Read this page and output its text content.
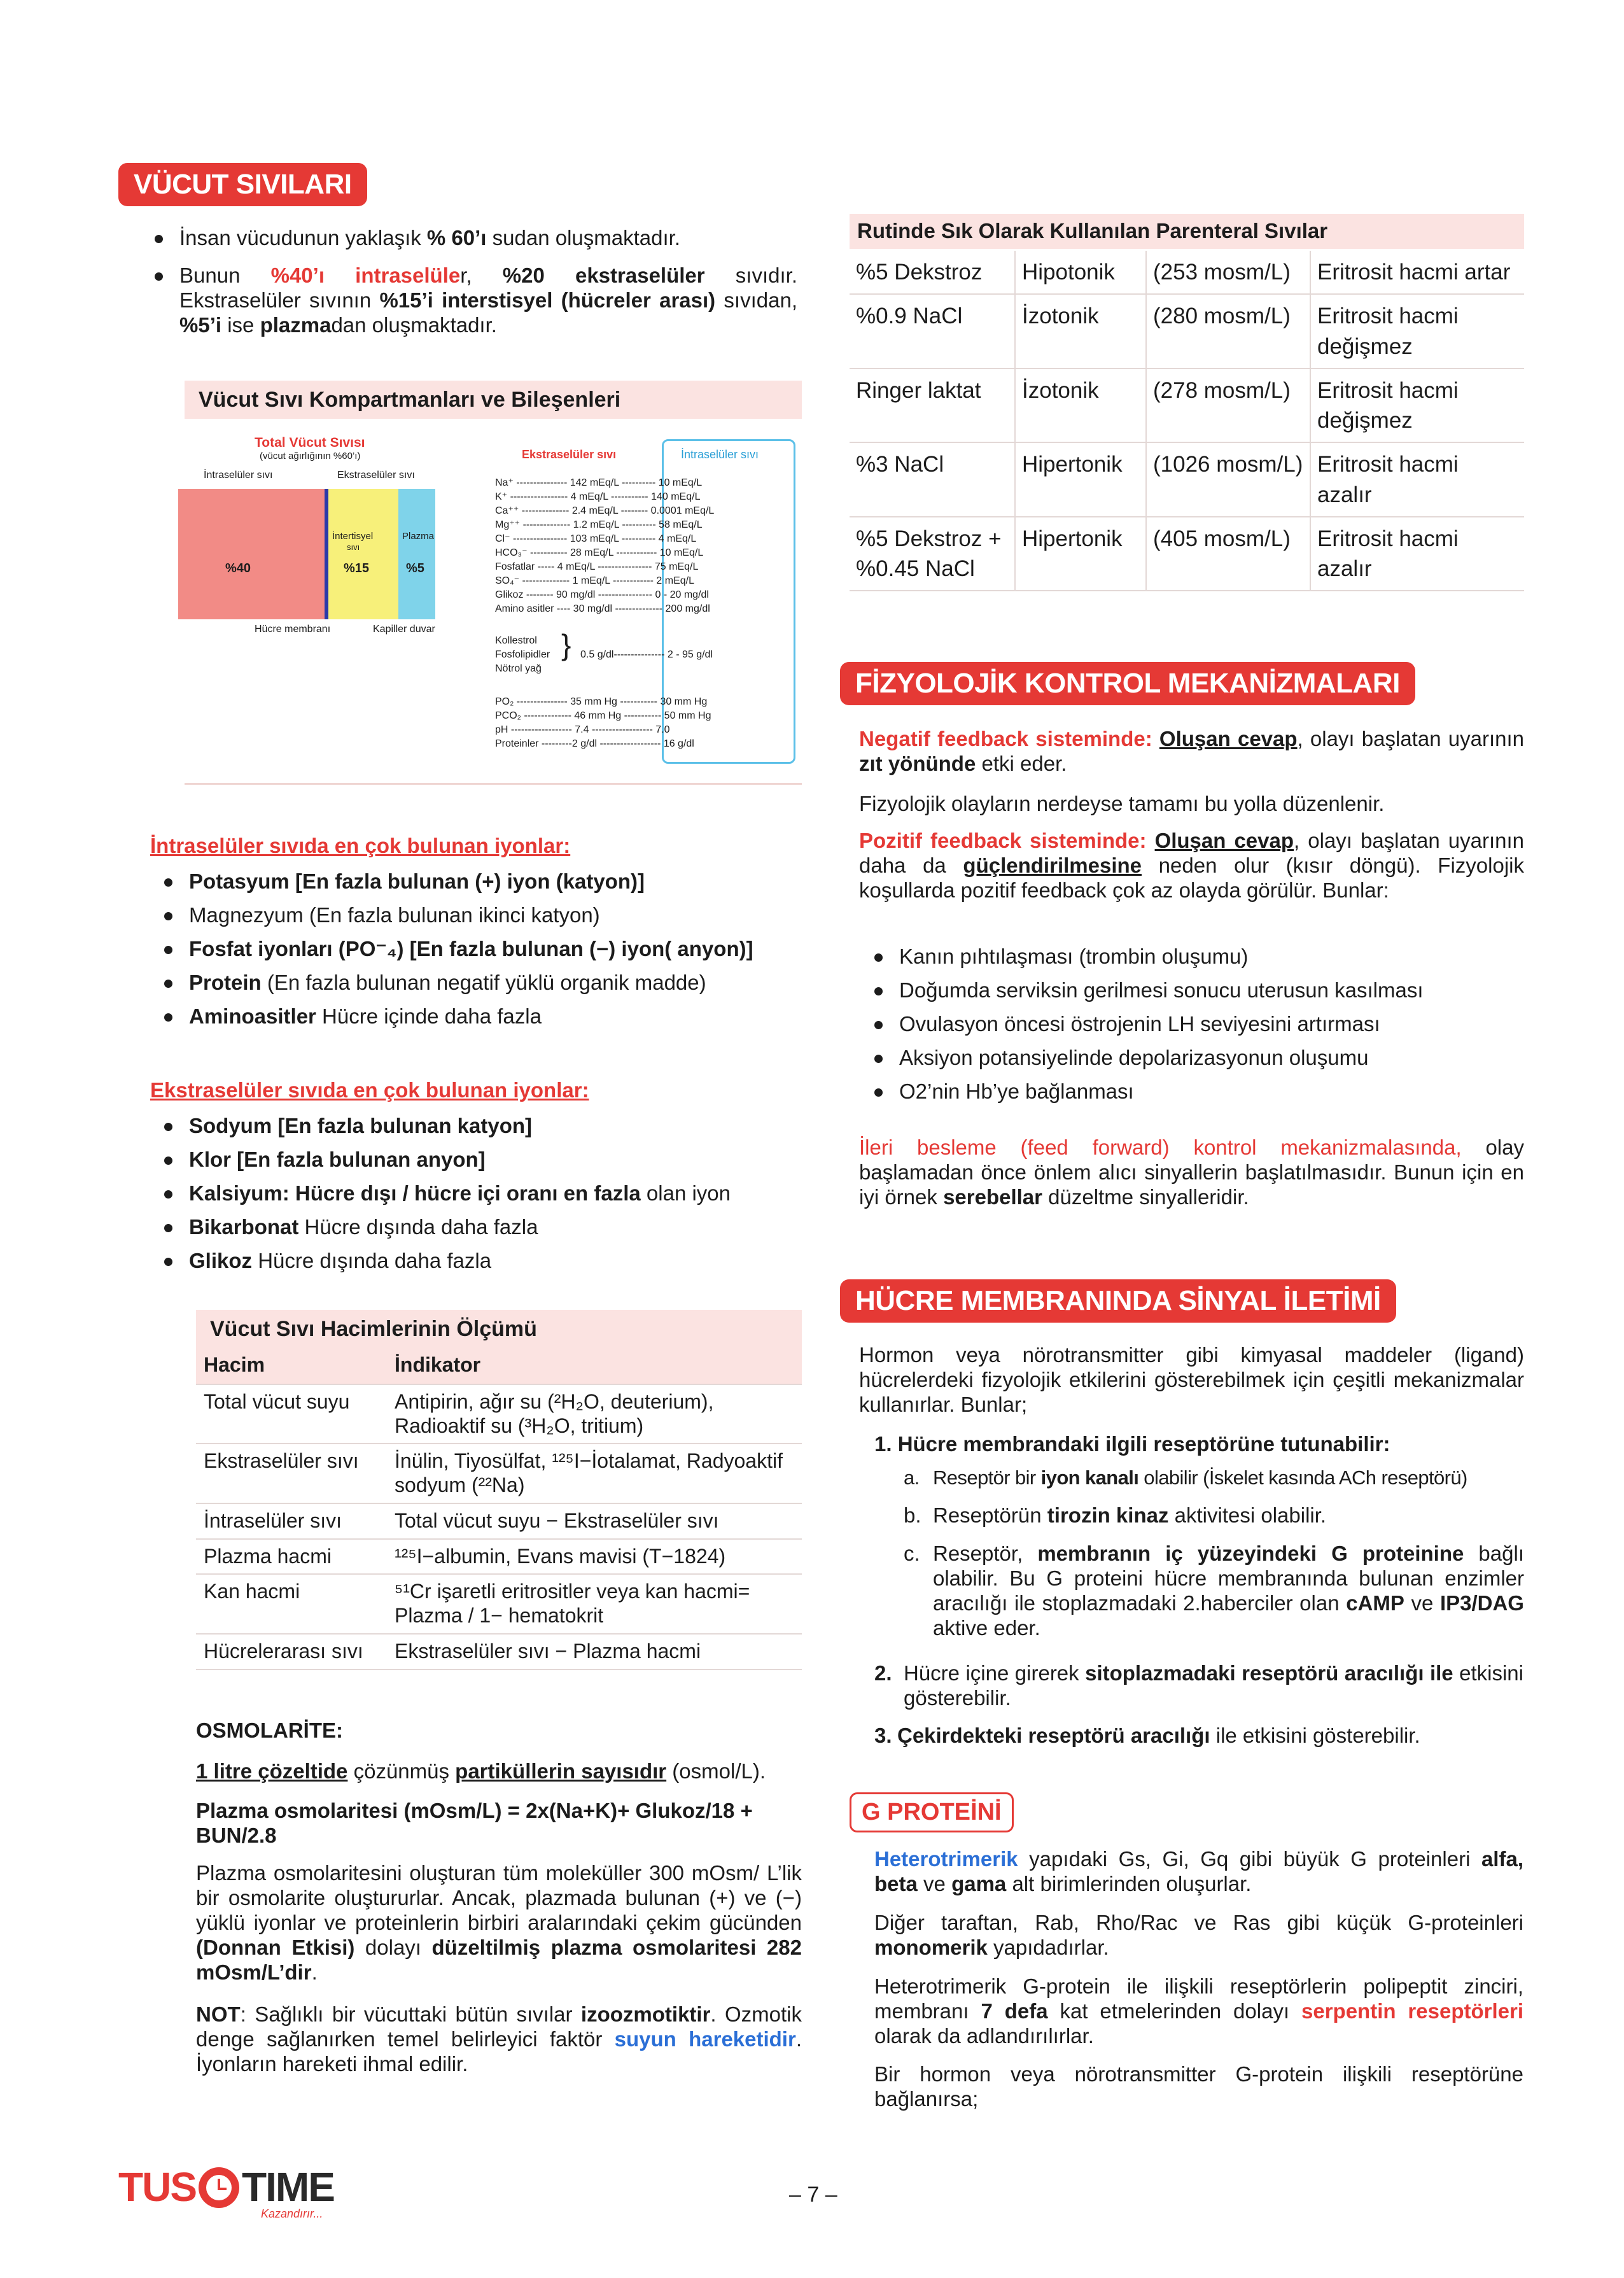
VÜCUT SIVILARI
İnsan vücudunun yaklaşık % 60’ı sudan oluşmaktadır.
Bunun %40’ı intraselüler, %20 ekstraselüler sıvıdır. Ekstraselüler sıvının %15’i interstisyel (hücreler arası) sıvıdan, %5’i ise plazmadan oluşmaktadır.
Vücut Sıvı Kompartmanları ve Bileşenleri
Total Vücut Sıvısı
(vücut ağırlığının %60’ı)
İntraselüler sıvı	Ekstraselüler sıvı
%40
İntertisyel
sıvı
Plazma
%15	%5
Hücre membranı	Kapiller duvar
Ekstraselüler sıvı	İntraselüler sıvı
Na⁺ --------------- 142 mEq/L ---------- 10 mEq/L
K⁺ ----------------- 4 mEq/L ----------- 140 mEq/L
Ca⁺⁺ -------------- 2.4 mEq/L -------- 0.0001 mEq/L
Mg⁺⁺ -------------- 1.2 mEq/L ---------- 58 mEq/L
Cl⁻ ---------------- 103 mEq/L ---------- 4 mEq/L
HCO₃⁻ ----------- 28 mEq/L ------------ 10 mEq/L
Fosfatlar ----- 4 mEq/L ---------------- 75 mEq/L
SO₄⁻ -------------- 1 mEq/L ------------ 2 mEq/L
Glikoz -------- 90 mg/dl ---------------- 0 - 20 mg/dl
Amino asitler ---- 30 mg/dl -------------- 200 mg/dl
Kollestrol
Fosfolipidler
Nötrol yağ
} 0.5 g/dl--------------- 2 - 95 g/dl
PO₂ --------------- 35 mm Hg ----------- 30 mm Hg
PCO₂ -------------- 46 mm Hg ----------- 50 mm Hg
pH ------------------ 7.4 ------------------ 7.0
Proteinler ---------2 g/dl ------------------ 16 g/dl
İntraselüler sıvıda en çok bulunan iyonlar:
Potasyum [En fazla bulunan (+) iyon (katyon)]
Magnezyum (En fazla bulunan ikinci katyon)
Fosfat iyonları (PO⁻₄) [En fazla bulunan (−) iyon( anyon)]
Protein (En fazla bulunan negatif yüklü organik madde)
Aminoasitler Hücre içinde daha fazla
Ekstraselüler sıvıda en çok bulunan iyonlar:
Sodyum [En fazla bulunan katyon]
Klor [En fazla bulunan anyon]
Kalsiyum: Hücre dışı / hücre içi oranı en fazla olan iyon
Bikarbonat Hücre dışında daha fazla
Glikoz Hücre dışında daha fazla
Vücut Sıvı Hacimlerinin Ölçümü
Hacim	İndikator
Total vücut suyu	Antipirin, ağır su (²H₂O, deuterium), Radioaktif su (³H₂O, tritium)
Ekstraselüler sıvı	İnülin, Tiyosülfat, ¹²⁵I−İotalamat, Radyoaktif sodyum (²²Na)
İntraselüler sıvı	Total vücut suyu − Ekstraselüler sıvı
Plazma hacmi	¹²⁵I−albumin, Evans mavisi (T−1824)
Kan hacmi	⁵¹Cr işaretli eritrositler veya kan hacmi= Plazma / 1− hematokrit
Hücrelerarası sıvı	Ekstraselüler sıvı − Plazma hacmi
OSMOLARİTE:
1 litre çözeltide çözünmüş partiküllerin sayısıdır (osmol/L).
Plazma osmolaritesi (mOsm/L) = 2x(Na+K)+ Glukoz/18 + BUN/2.8
Plazma osmolaritesini oluşturan tüm moleküller 300 mOsm/ L’lik bir osmolarite oluştururlar. Ancak, plazmada bulunan (+) ve (−) yüklü iyonlar ve proteinlerin birbiri aralarındaki çekim gücünden (Donnan Etkisi) dolayı düzeltilmiş plazma osmolaritesi 282 mOsm/L’dir.
NOT: Sağlıklı bir vücuttaki bütün sıvılar izoozmotiktir. Ozmotik denge sağlanırken temel belirleyici faktör suyun hareketidir. İyonların hareketi ihmal edilir.
Rutinde Sık Olarak Kullanılan Parenteral Sıvılar
%5 Dekstroz	Hipotonik	(253 mosm/L)	Eritrosit hacmi artar
%0.9 NaCl	İzotonik	(280 mosm/L)	Eritrosit hacmi değişmez
Ringer laktat	İzotonik	(278 mosm/L)	Eritrosit hacmi değişmez
%3 NaCl	Hipertonik	(1026 mosm/L)	Eritrosit hacmi azalır
%5 Dekstroz + %0.45 NaCl	Hipertonik	(405 mosm/L)	Eritrosit hacmi azalır
FİZYOLOJİK KONTROL MEKANİZMALARI
Negatif feedback sisteminde: Oluşan cevap, olayı başlatan uyarının zıt yönünde etki eder.
Fizyolojik olayların nerdeyse tamamı bu yolla düzenlenir.
Pozitif feedback sisteminde: Oluşan cevap, olayı başlatan uyarının daha da güçlendirilmesine neden olur (kısır döngü). Fizyolojik koşullarda pozitif feedback çok az olayda görülür. Bunlar:
Kanın pıhtılaşması (trombin oluşumu)
Doğumda serviksin gerilmesi sonucu uterusun kasılması
Ovulasyon öncesi östrojenin LH seviyesini artırması
Aksiyon potansiyelinde depolarizasyonun oluşumu
O2’nin Hb’ye bağlanması
İleri besleme (feed forward) kontrol mekanizmalasında, olay başlamadan önce önlem alıcı sinyallerin başlatılmasıdır. Bunun için en iyi örnek serebellar düzeltme sinyalleridir.
HÜCRE MEMBRANINDA SİNYAL İLETİMİ
Hormon veya nörotransmitter gibi kimyasal maddeler (ligand) hücrelerdeki fizyolojik etkilerini gösterebilmek için çeşitli mekanizmalar kullanırlar. Bunlar;
1. Hücre membrandaki ilgili reseptörüne tutunabilir:
a. Reseptör bir iyon kanalı olabilir (İskelet kasında ACh reseptörü)
b. Reseptörün tirozin kinaz aktivitesi olabilir.
c. Reseptör, membranın iç yüzeyindeki G proteinine bağlı olabilir. Bu G proteini hücre membranında bulunan enzimler aracılığı ile stoplazmadaki 2.haberciler olan cAMP ve IP3/DAG aktive eder.
2. Hücre içine girerek sitoplazmadaki reseptörü aracılığı ile etkisini gösterebilir.
3. Çekirdekteki reseptörü aracılığı ile etkisini gösterebilir.
G PROTEİNİ
Heterotrimerik yapıdaki Gs, Gi, Gq gibi büyük G proteinleri alfa, beta ve gama alt birimlerinden oluşurlar.
Diğer taraftan, Rab, Rho/Rac ve Ras gibi küçük G-proteinleri monomerik yapıdadırlar.
Heterotrimerik G-protein ile ilişkili reseptörlerin polipeptit zinciri, membranı 7 defa kat etmelerinden dolayı serpentin reseptörleri olarak da adlandırılırlar.
Bir hormon veya nörotransmitter G-protein ilişkili reseptörüne bağlanırsa;
TUS TIME
Kazandırır...
– 7 –
